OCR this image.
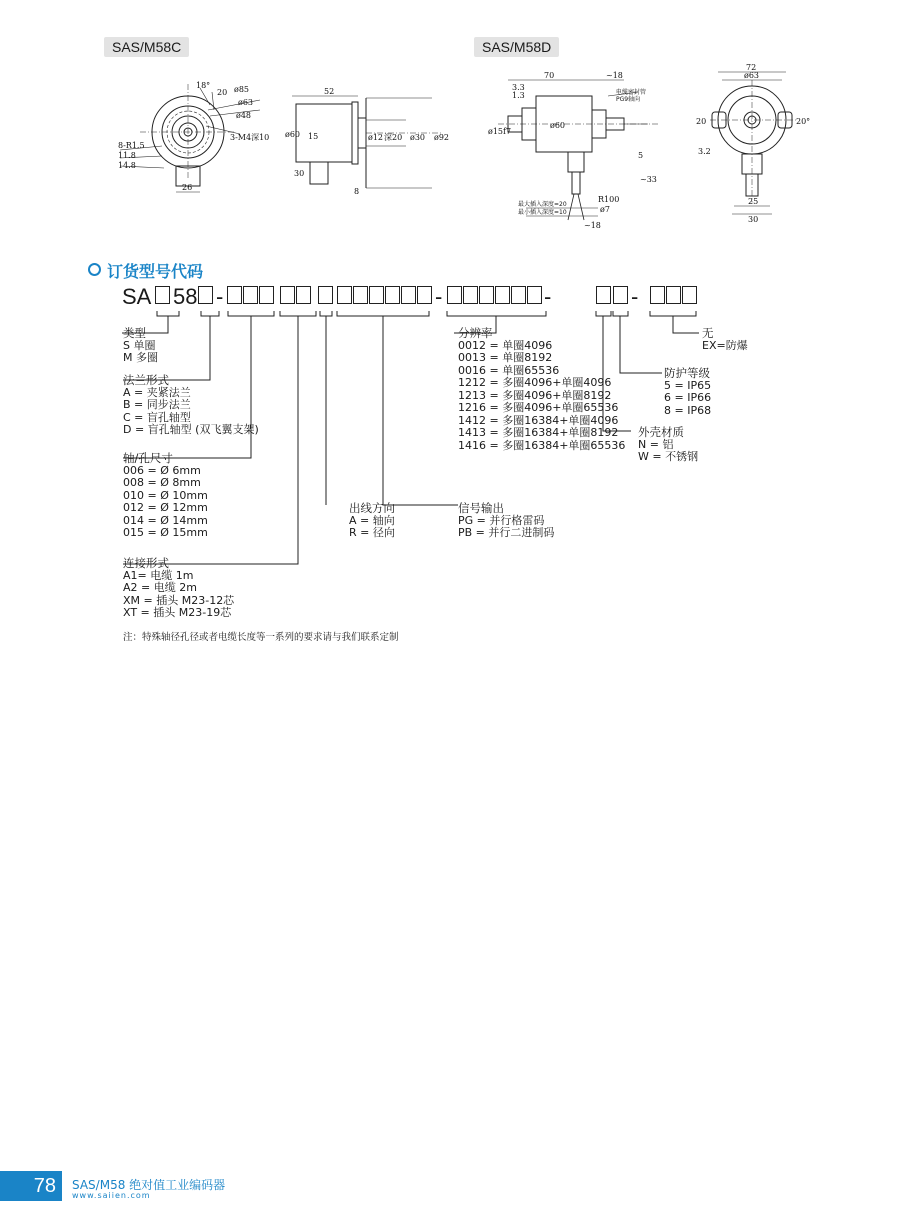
SAS/M58C	SAS/M58D
18°
20 ø85
ø63
ø48
3-M4深10
8-R1.5
11.8
14.8
26
52
ø60 15	ø12 深20 ø30 ø92
30
8
70	~18
3.3
1.3
ø15f7
ø60
5
~33
R100
ø7
~18
电缆密封管
PG9轴向
最大插入深度=20
最小插入深度=10
72
ø63
20	20°
3.2
25
30
订货型号代码
SA 58 -	-	-	-
类型
S 单圈
M 多圈
法兰形式
A = 夹紧法兰
B = 同步法兰
C = 盲孔轴型
D = 盲孔轴型 (双飞翼支架)
轴/孔尺寸
006 = Ø 6mm
008 = Ø 8mm
010 = Ø 10mm
012 = Ø 12mm
014 = Ø 14mm
015 = Ø 15mm
连接形式
A1= 电缆 1m
A2 = 电缆 2m
XM = 插头 M23-12芯
XT = 插头 M23-19芯
出线方向
A = 轴向
R = 径向
信号输出
PG = 并行格雷码
PB = 并行二进制码
分辨率
0012 = 单圈4096
0013 = 单圈8192
0016 = 单圈65536
1212 = 多圈4096+单圈4096
1213 = 多圈4096+单圈8192
1216 = 多圈4096+单圈65536
1412 = 多圈16384+单圈4096
1413 = 多圈16384+单圈8192
1416 = 多圈16384+单圈65536
外壳材质
N = 铝
W = 不锈钢
防护等级
5 = IP65
6 = IP66
8 = IP68
无
EX=防爆
注：特殊轴径孔径或者电缆长度等一系列的要求请与我们联系定制
78	SAS/M58 绝对值工业编码器
www.saiien.com
